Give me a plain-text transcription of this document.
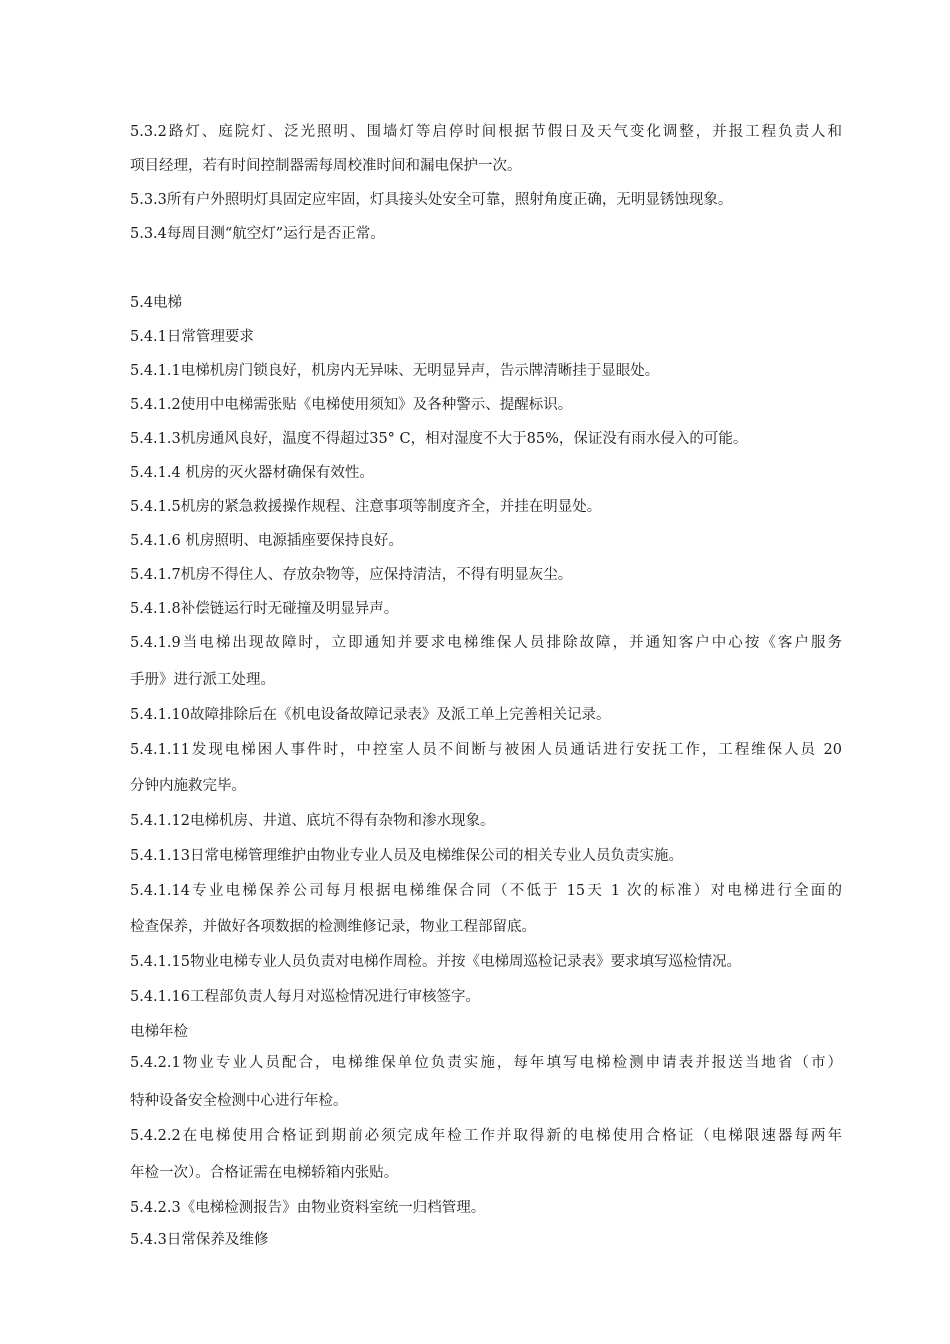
5.3.2路灯、庭院灯、泛光照明、围墙灯等启停时间根据节假日及天气变化调整，并报工程负责人和
项目经理，若有时间控制器需每周校准时间和漏电保护一次。
5.3.3所有户外照明灯具固定应牢固，灯具接头处安全可靠，照射角度正确，无明显锈蚀现象。
5.3.4每周目测“航空灯”运行是否正常。
5.4电梯
5.4.1日常管理要求
5.4.1.1电梯机房门锁良好，机房内无异味、无明显异声，告示牌清晰挂于显眼处。
5.4.1.2使用中电梯需张贴《电梯使用须知》及各种警示、提醒标识。
5.4.1.3机房通风良好，温度不得超过35° C，相对湿度不大于85%，保证没有雨水侵入的可能。
5.4.1.4 机房的灭火器材确保有效性。
5.4.1.5机房的紧急救援操作规程、注意事项等制度齐全，并挂在明显处。
5.4.1.6 机房照明、电源插座要保持良好。
5.4.1.7机房不得住人、存放杂物等，应保持清洁，不得有明显灰尘。
5.4.1.8补偿链运行时无碰撞及明显异声。
5.4.1.9当电梯出现故障时，立即通知并要求电梯维保人员排除故障，并通知客户中心按《客户服务
手册》进行派工处理。
5.4.1.10故障排除后在《机电设备故障记录表》及派工单上完善相关记录。
5.4.1.11发现电梯困人事件时，中控室人员不间断与被困人员通话进行安抚工作，工程维保人员 20
分钟内施救完毕。
5.4.1.12电梯机房、井道、底坑不得有杂物和渗水现象。
5.4.1.13日常电梯管理维护由物业专业人员及电梯维保公司的相关专业人员负责实施。
5.4.1.14专业电梯保养公司每月根据电梯维保合同（不低于 15天 1 次的标准）对电梯进行全面的
检查保养，并做好各项数据的检测维修记录，物业工程部留底。
5.4.1.15物业电梯专业人员负责对电梯作周检。并按《电梯周巡检记录表》要求填写巡检情况。
5.4.1.16工程部负责人每月对巡检情况进行审核签字。
电梯年检
5.4.2.1物业专业人员配合，电梯维保单位负责实施，每年填写电梯检测申请表并报送当地省（市）
特种设备安全检测中心进行年检。
5.4.2.2在电梯使用合格证到期前必须完成年检工作并取得新的电梯使用合格证（电梯限速器每两年
年检一次）。合格证需在电梯轿箱内张贴。
5.4.2.3《电梯检测报告》由物业资料室统一归档管理。
5.4.3日常保养及维修
